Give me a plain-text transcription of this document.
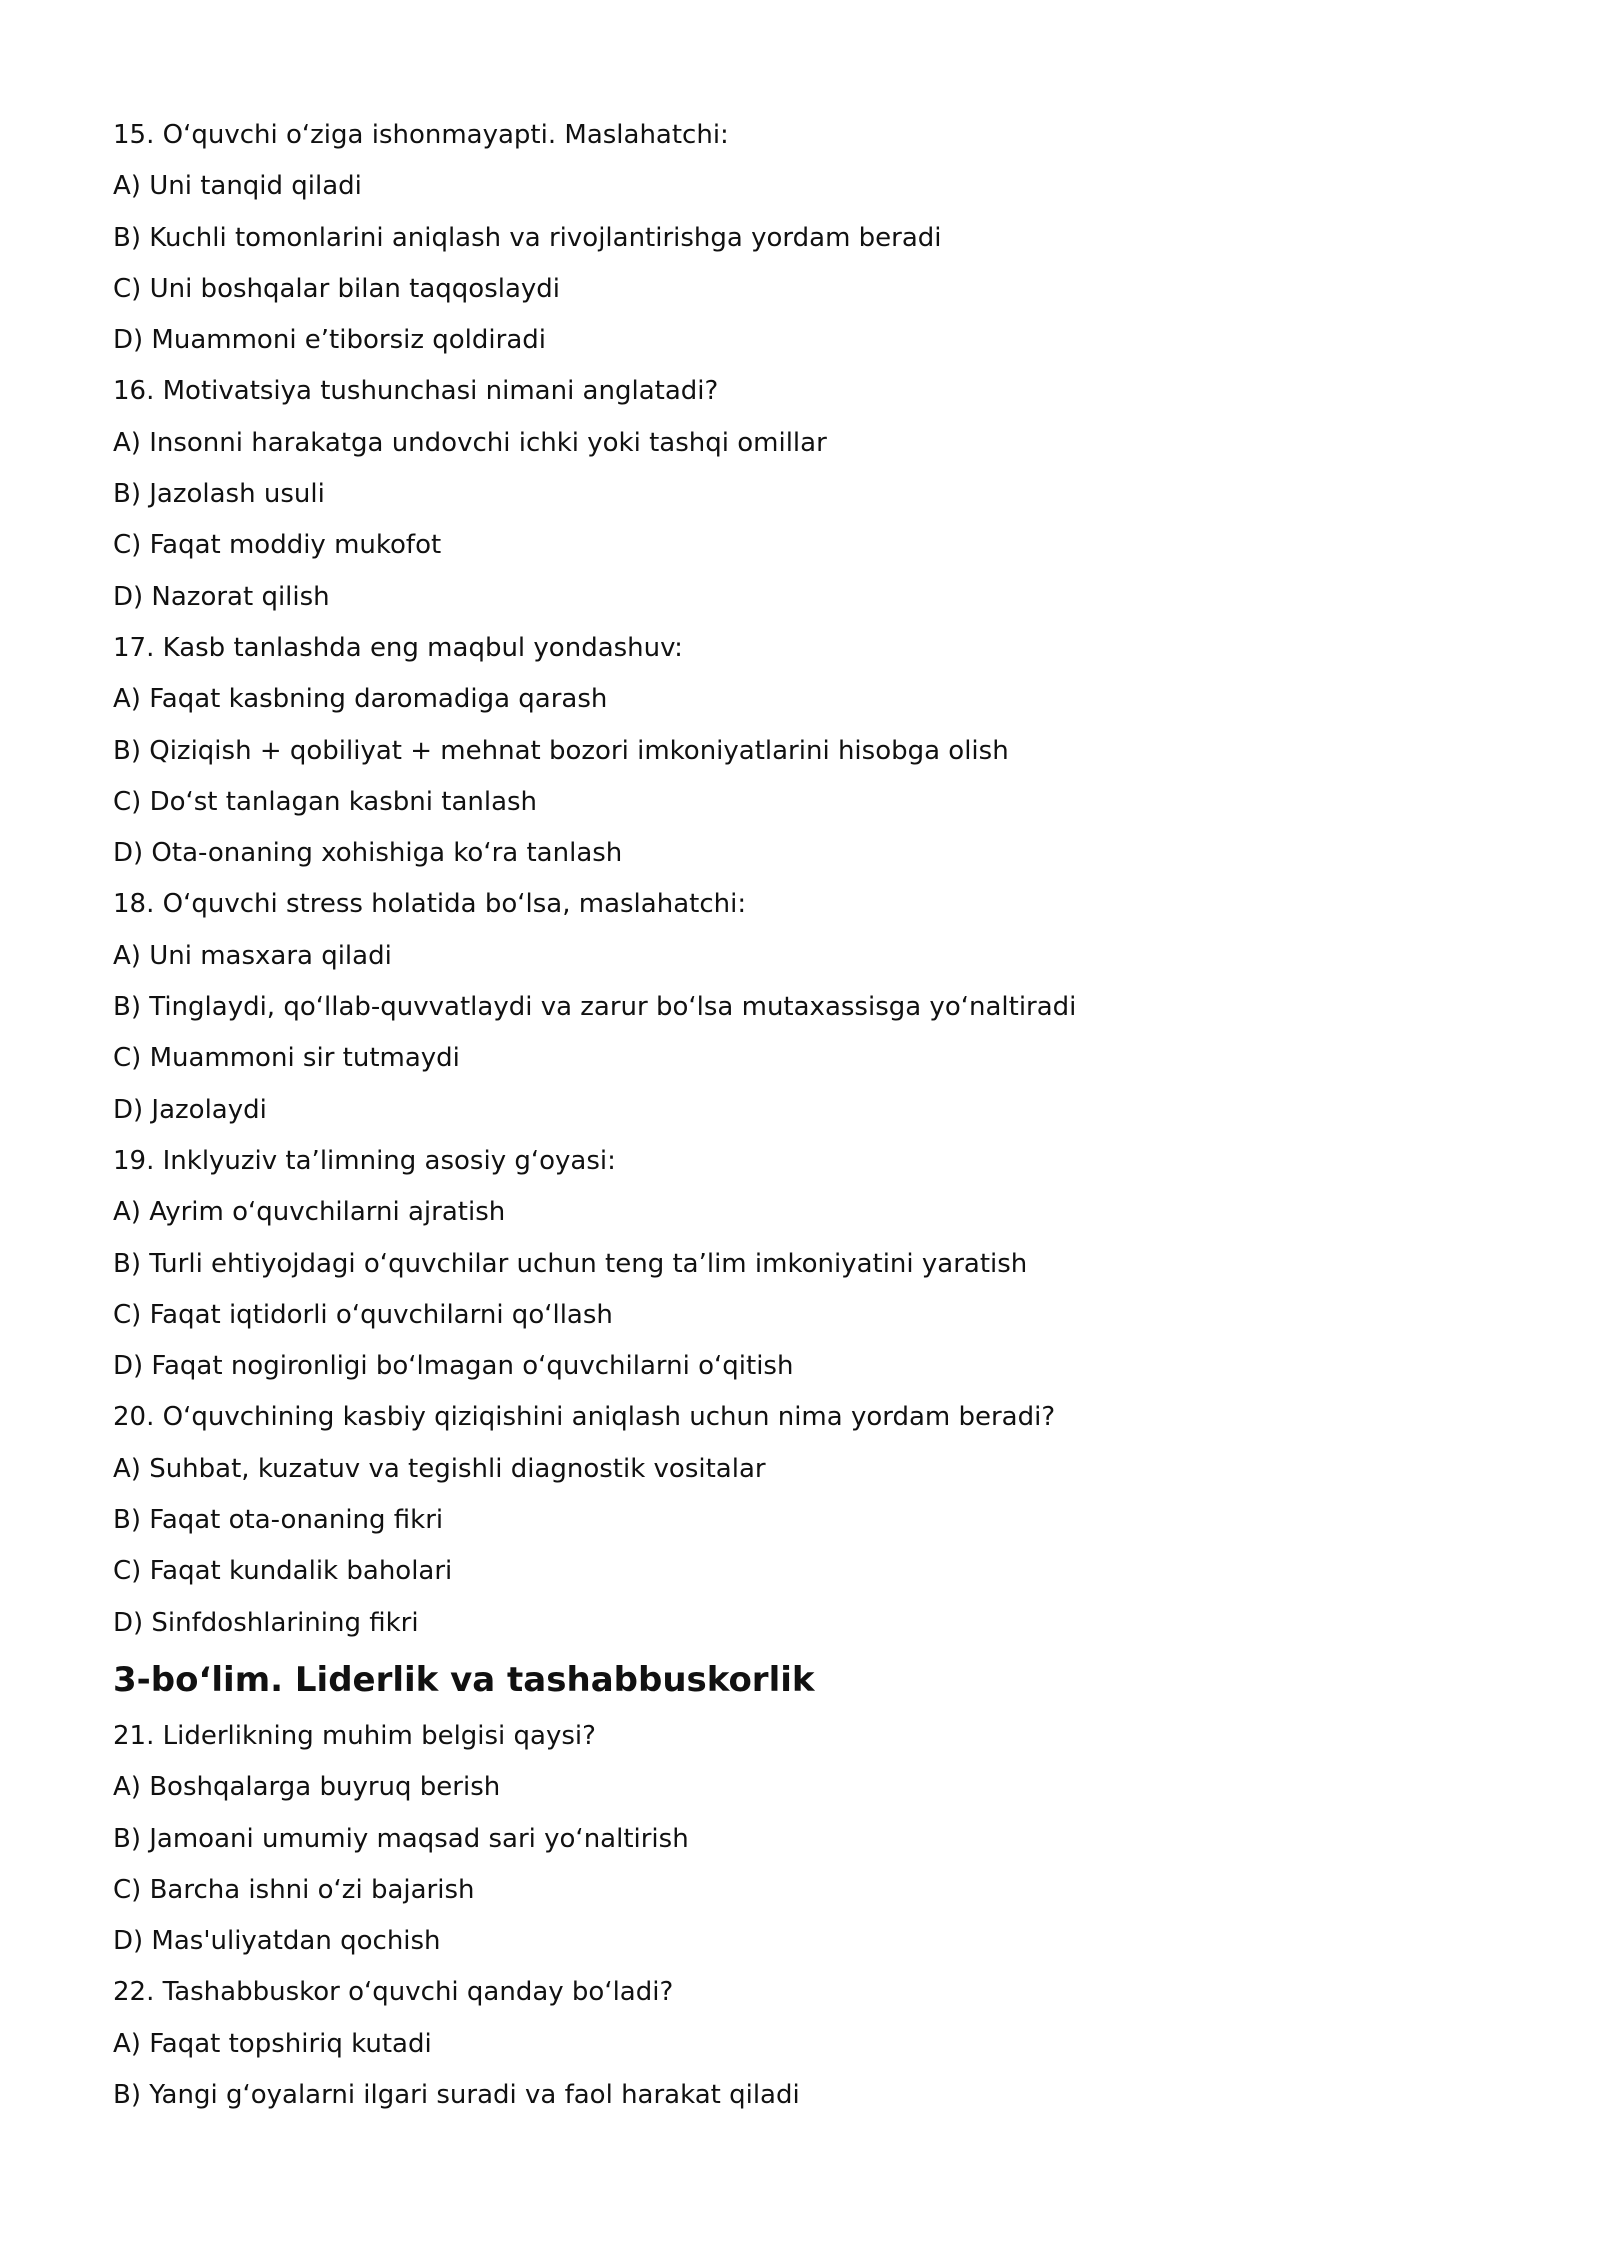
15. O‘quvchi o‘ziga ishonmayapti. Maslahatchi:
A) Uni tanqid qiladi
B) Kuchli tomonlarini aniqlash va rivojlantirishga yordam beradi
C) Uni boshqalar bilan taqqoslaydi
D) Muammoni e’tiborsiz qoldiradi
16. Motivatsiya tushunchasi nimani anglatadi?
A) Insonni harakatga undovchi ichki yoki tashqi omillar
B) Jazolash usuli
C) Faqat moddiy mukofot
D) Nazorat qilish
17. Kasb tanlashda eng maqbul yondashuv:
A) Faqat kasbning daromadiga qarash
B) Qiziqish + qobiliyat + mehnat bozori imkoniyatlarini hisobga olish
C) Do‘st tanlagan kasbni tanlash
D) Ota-onaning xohishiga ko‘ra tanlash
18. O‘quvchi stress holatida bo‘lsa, maslahatchi:
A) Uni masxara qiladi
B) Tinglaydi, qo‘llab-quvvatlaydi va zarur bo‘lsa mutaxassisga yo‘naltiradi
C) Muammoni sir tutmaydi
D) Jazolaydi
19. Inklyuziv ta’limning asosiy g‘oyasi:
A) Ayrim o‘quvchilarni ajratish
B) Turli ehtiyojdagi o‘quvchilar uchun teng ta’lim imkoniyatini yaratish
C) Faqat iqtidorli o‘quvchilarni qo‘llash
D) Faqat nogironligi bo‘lmagan o‘quvchilarni o‘qitish
20. O‘quvchining kasbiy qiziqishini aniqlash uchun nima yordam beradi?
A) Suhbat, kuzatuv va tegishli diagnostik vositalar
B) Faqat ota-onaning fikri
C) Faqat kundalik baholari
D) Sinfdoshlarining fikri
3-bo‘lim. Liderlik va tashabbuskorlik
21. Liderlikning muhim belgisi qaysi?
A) Boshqalarga buyruq berish
B) Jamoani umumiy maqsad sari yo‘naltirish
C) Barcha ishni o‘zi bajarish
D) Mas'uliyatdan qochish
22. Tashabbuskor o‘quvchi qanday bo‘ladi?
A) Faqat topshiriq kutadi
B) Yangi g‘oyalarni ilgari suradi va faol harakat qiladi
